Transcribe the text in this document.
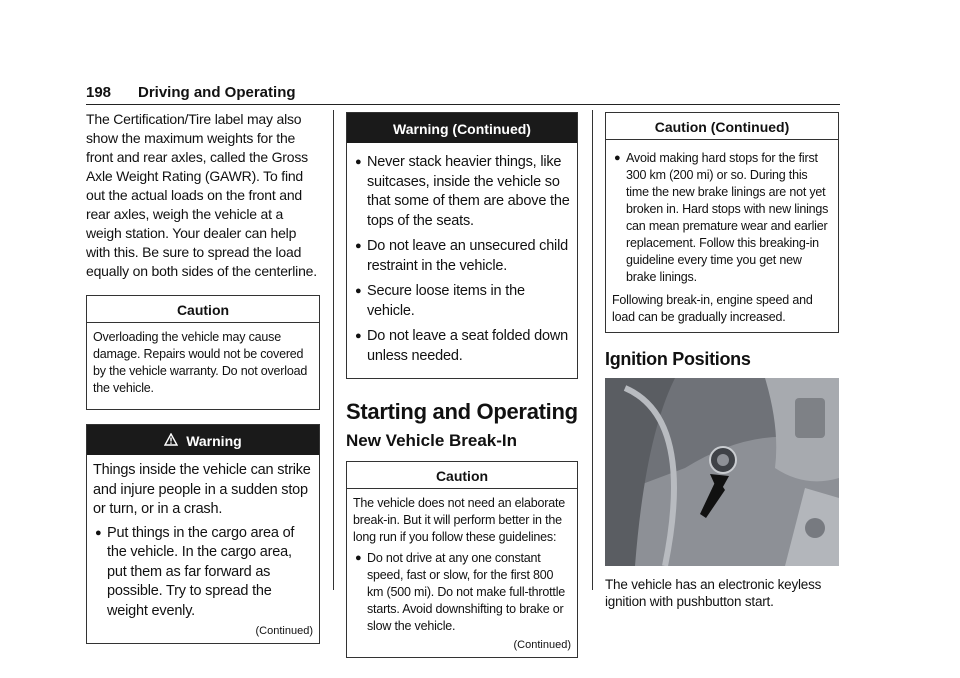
198 Driving and Operating

The Certification/Tire label may also show the maximum weights for the front and rear axles, called the Gross Axle Weight Rating (GAWR). To find out the actual loads on the front and rear axles, weigh the vehicle at a weigh station. Your dealer can help with this. Be sure to spread the load equally on both sides of the centerline.

Caution

Overloading the vehicle may cause damage. Repairs would not be covered by the vehicle warranty. Do not overload the vehicle.

Warning

Things inside the vehicle can strike and injure people in a sudden stop or turn, or in a crash.

● Put things in the cargo area of the vehicle. In the cargo area, put them as far forward as possible. Try to spread the weight evenly.
(Continued)
Warning (Continued)
● Never stack heavier things, like suitcases, inside the vehicle so that some of them are above the tops of the seats.
● Do not leave an unsecured child restraint in the vehicle.
● Secure loose items in the vehicle.
● Do not leave a seat folded down unless needed.
Starting and Operating
New Vehicle Break-In
Caution

The vehicle does not need an elaborate break-in. But it will perform better in the long run if you follow these guidelines:

● Do not drive at any one constant speed, fast or slow, for the first 800 km (500 mi). Do not make full-throttle starts. Avoid downshifting to brake or slow the vehicle.
(Continued)
Caution (Continued)
● Avoid making hard stops for the first 300 km (200 mi) or so. During this time the new brake linings are not yet broken in. Hard stops with new linings can mean premature wear and earlier replacement. Follow this breaking-in guideline every time you get new brake linings.

Following break-in, engine speed and load can be gradually increased.

Ignition Positions

The vehicle has an electronic keyless ignition with pushbutton start.
